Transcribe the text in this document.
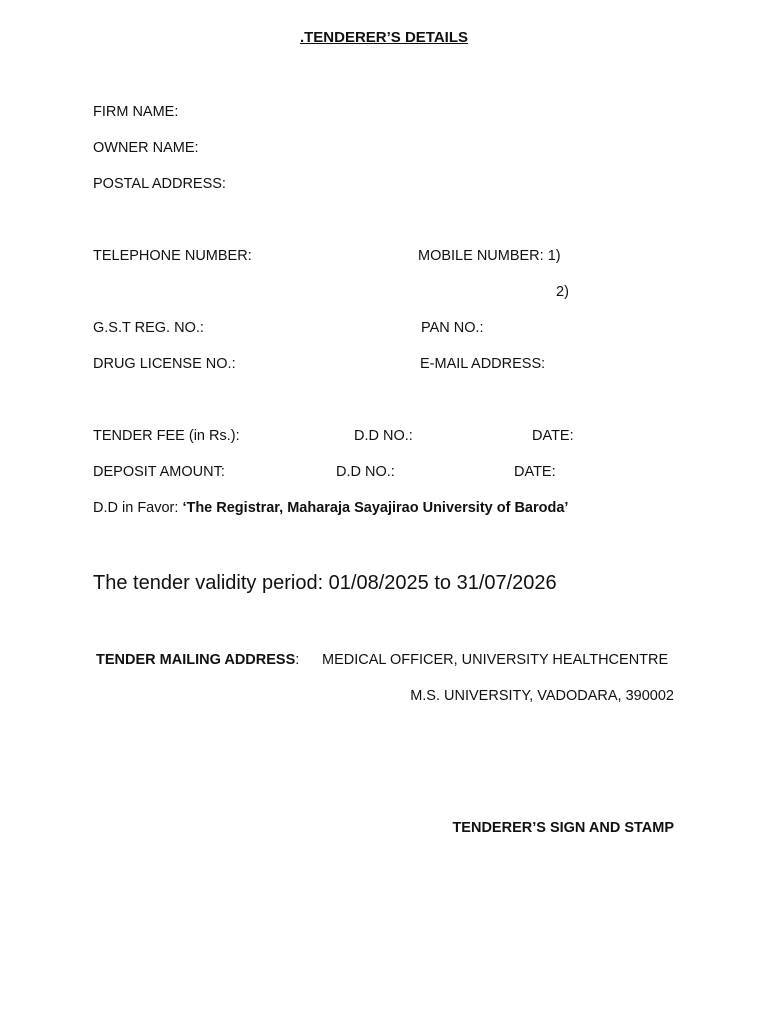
.TENDERER’S DETAILS
FIRM NAME:
OWNER NAME:
POSTAL ADDRESS:
TELEPHONE NUMBER:	MOBILE NUMBER: 1)
2)
G.S.T REG. NO.:	PAN NO.:
DRUG LICENSE NO.:	E-MAIL ADDRESS:
TENDER FEE (in Rs.):	D.D NO.:	DATE:
DEPOSIT AMOUNT:	D.D NO.:	DATE:
D.D in Favor: ‘The Registrar, Maharaja Sayajirao University of Baroda’
The tender validity period: 01/08/2025 to 31/07/2026
TENDER MAILING ADDRESS: MEDICAL OFFICER, UNIVERSITY HEALTHCENTRE
M.S. UNIVERSITY, VADODARA, 390002
TENDERER’S SIGN AND STAMP
